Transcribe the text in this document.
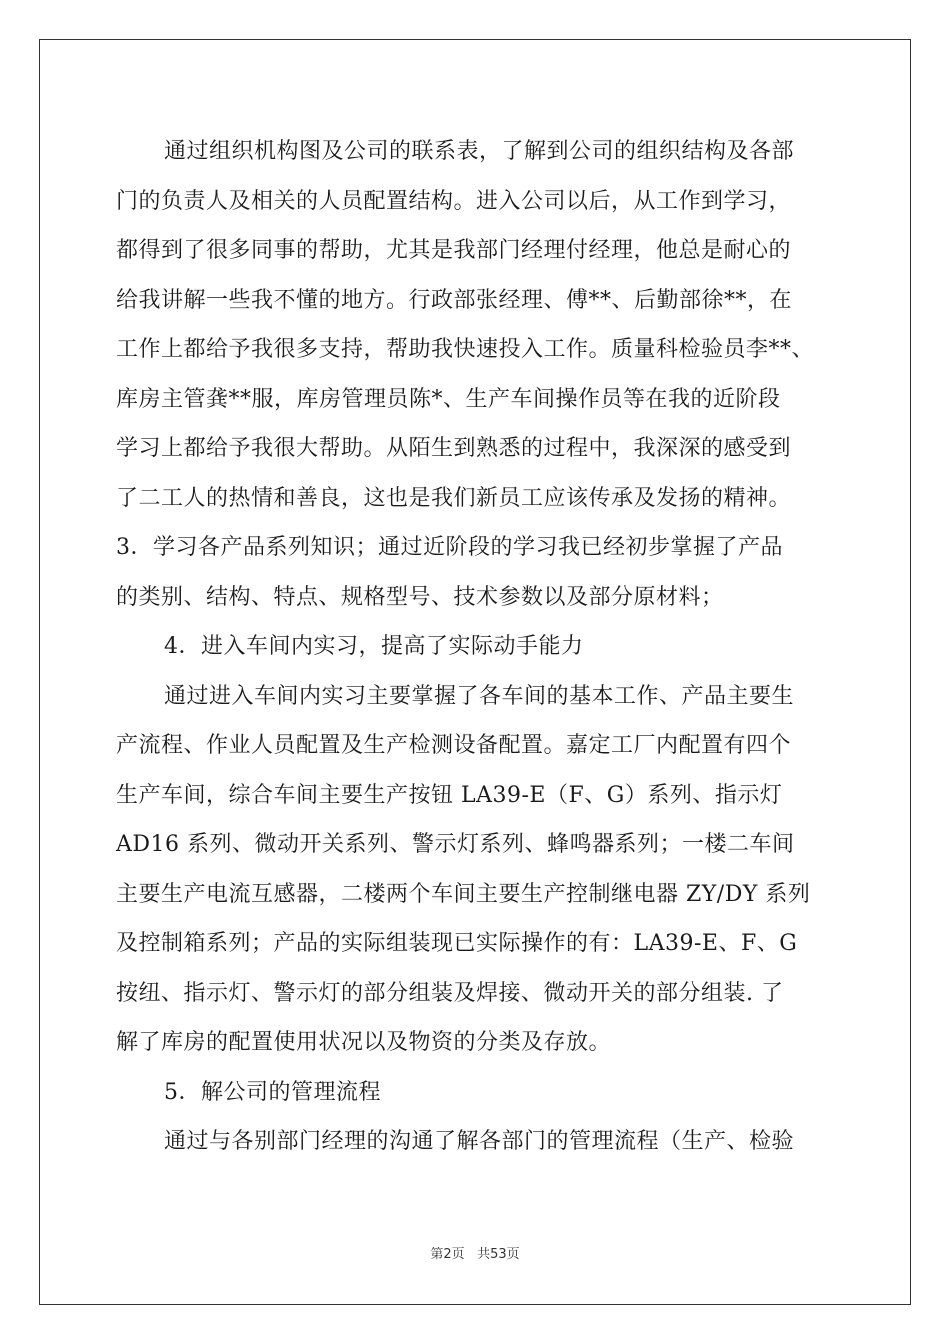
通过组织机构图及公司的联系表，了解到公司的组织结构及各部
门的负责人及相关的人员配置结构。进入公司以后，从工作到学习，
都得到了很多同事的帮助，尤其是我部门经理付经理，他总是耐心的
给我讲解一些我不懂的地方。行政部张经理、傅**、后勤部徐**，在
工作上都给予我很多支持，帮助我快速投入工作。质量科检验员李**、
库房主管龚**服，库房管理员陈*、生产车间操作员等在我的近阶段
学习上都给予我很大帮助。从陌生到熟悉的过程中，我深深的感受到
了二工人的热情和善良，这也是我们新员工应该传承及发扬的精神。
3．学习各产品系列知识；通过近阶段的学习我已经初步掌握了产品
的类别、结构、特点、规格型号、技术参数以及部分原材料；
4．进入车间内实习，提高了实际动手能力
通过进入车间内实习主要掌握了各车间的基本工作、产品主要生
产流程、作业人员配置及生产检测设备配置。嘉定工厂内配置有四个
生产车间，综合车间主要生产按钮 LA39-E（F、G）系列、指示灯
AD16 系列、微动开关系列、警示灯系列、蜂鸣器系列；一楼二车间
主要生产电流互感器，二楼两个车间主要生产控制继电器 ZY/DY 系列
及控制箱系列；产品的实际组装现已实际操作的有：LA39-E、F、G
按纽、指示灯、警示灯的部分组装及焊接、微动开关的部分组装. 了
解了库房的配置使用状况以及物资的分类及存放。
5．解公司的管理流程
通过与各别部门经理的沟通了解各部门的管理流程（生产、检验
第2页 共53页
